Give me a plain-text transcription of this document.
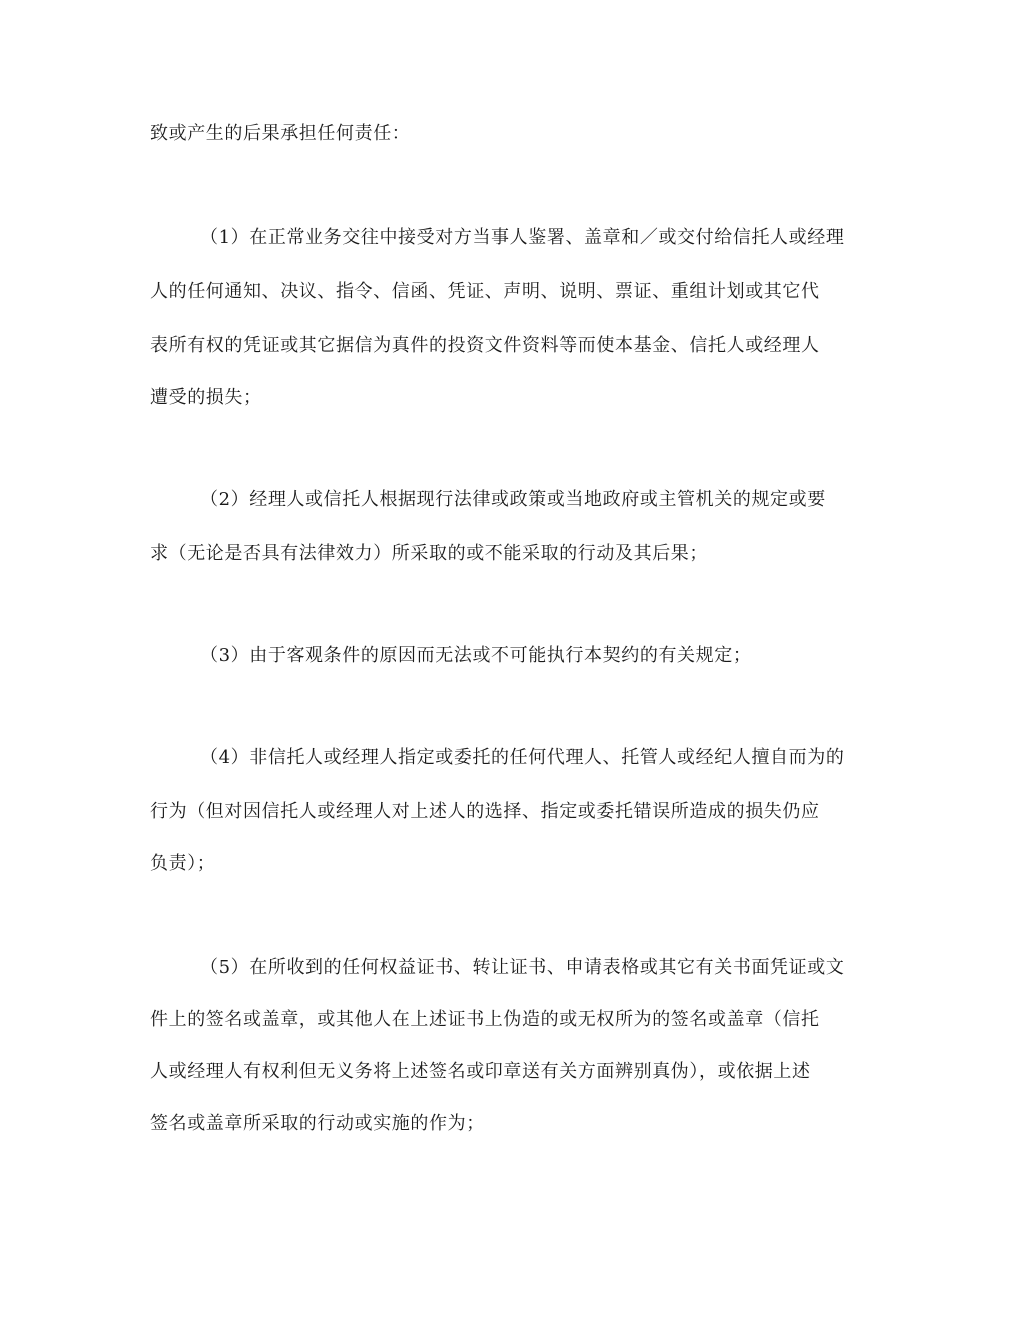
致或产生的后果承担任何责任：
（1）在正常业务交往中接受对方当事人鉴署、盖章和／或交付给信托人或经理
人的任何通知、决议、指令、信函、凭证、声明、说明、票证、重组计划或其它代
表所有权的凭证或其它据信为真件的投资文件资料等而使本基金、信托人或经理人
遭受的损失；
（2）经理人或信托人根据现行法律或政策或当地政府或主管机关的规定或要
求（无论是否具有法律效力）所采取的或不能采取的行动及其后果；
（3）由于客观条件的原因而无法或不可能执行本契约的有关规定；
（4）非信托人或经理人指定或委托的任何代理人、托管人或经纪人擅自而为的
行为（但对因信托人或经理人对上述人的选择、指定或委托错误所造成的损失仍应
负责）；
（5）在所收到的任何权益证书、转让证书、申请表格或其它有关书面凭证或文
件上的签名或盖章，或其他人在上述证书上伪造的或无权所为的签名或盖章（信托
人或经理人有权利但无义务将上述签名或印章送有关方面辨别真伪），或依据上述
签名或盖章所采取的行动或实施的作为；
